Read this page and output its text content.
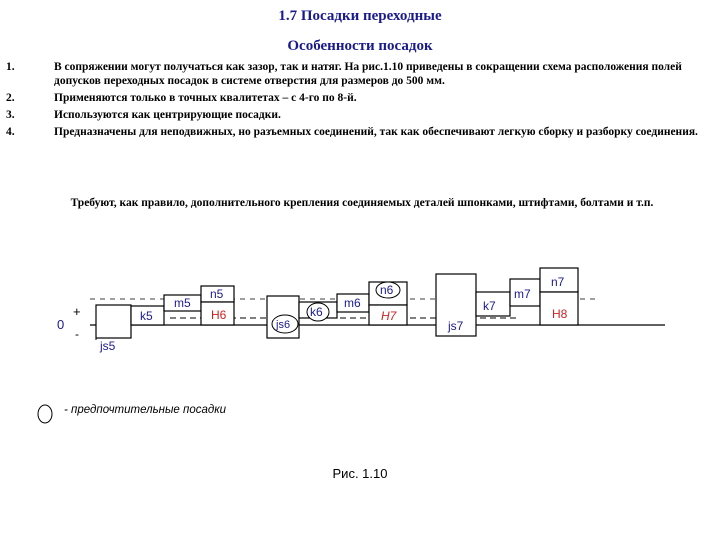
1.7 Посадки переходные
Особенности посадок
1.	В сопряжении могут получаться как зазор, так и натяг. На рис.1.10 приведены в сокращении схема расположения полей допусков переходных посадок в системе отверстия для размеров до 500 мм.
2.	Применяются только в точных квалитетах – с 4-го по 8-й.
3.	Используются как центрирующие посадки.
4.	Предназначены для неподвижных, но разъемных соединений, так как обеспечивают легкую сборку и разборку соединения.
Требуют, как правило, дополнительного крепления соединяемых деталей шпонками, штифтами, болтами и т.п.
0
+
-
js5
k5
m5
n5
H6
js6
k6
m6
n6
H7
js7
k7
m7
n7
H8
- предпочтительные посадки
Рис. 1.10
